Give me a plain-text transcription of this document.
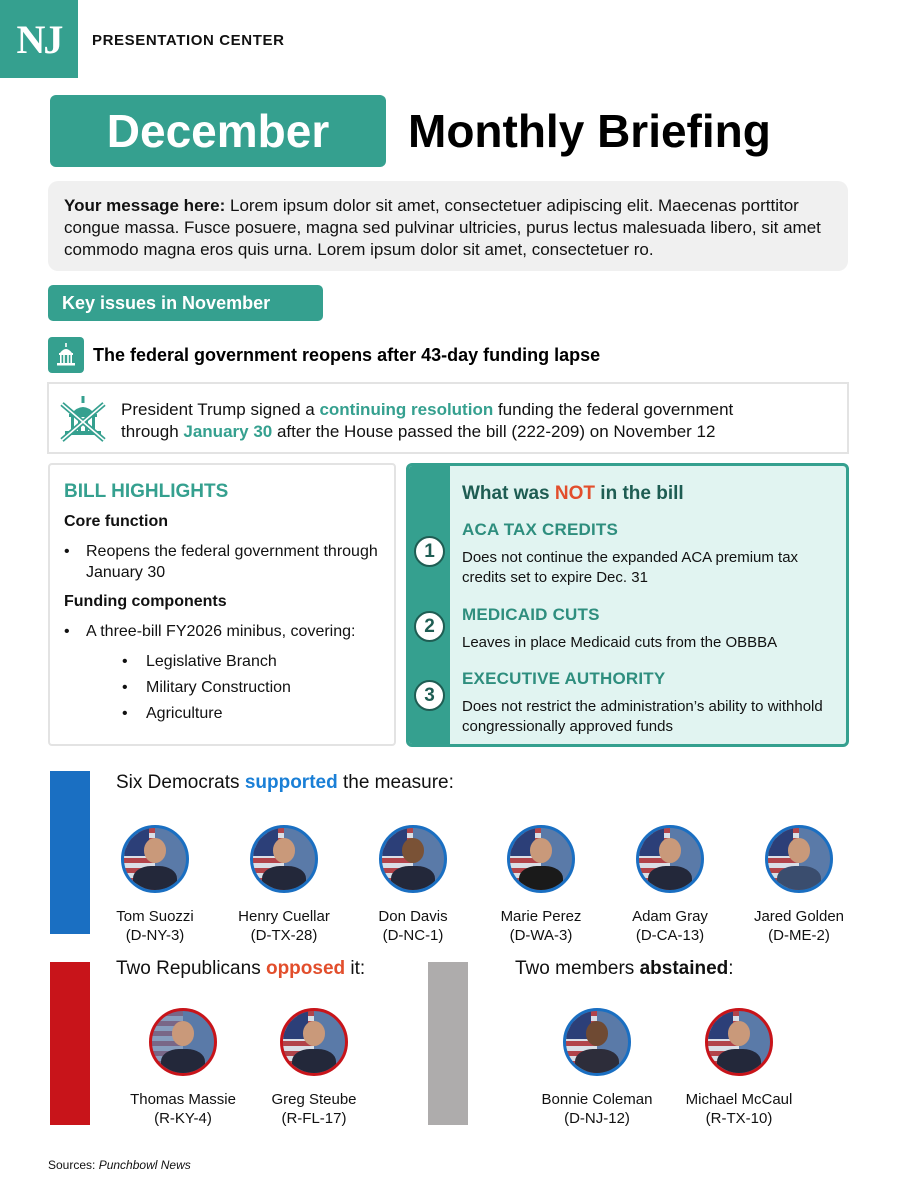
NJ	PRESENTATION CENTER
December	Monthly Briefing
Your message here: Lorem ipsum dolor sit amet, consectetuer adipiscing elit. Maecenas porttitor congue massa. Fusce posuere, magna sed pulvinar ultricies, purus lectus malesuada libero, sit amet commodo magna eros quis urna. Lorem ipsum dolor sit amet, consectetuer ro.
Key issues in November
The federal government reopens after 43-day funding lapse
President Trump signed a continuing resolution funding the federal government
through January 30 after the House passed the bill (222-209) on November 12
BILL HIGHLIGHTS
Core function
•	Reopens the federal government through January 30
Funding components
•	A three-bill FY2026 minibus, covering:
•	Legislative Branch
•	Military Construction
•	Agriculture
What was NOT in the bill
1
ACA TAX CREDITS
Does not continue the expanded ACA premium tax credits set to expire Dec. 31
2
MEDICAID CUTS
Leaves in place Medicaid cuts from the OBBBA
3
EXECUTIVE AUTHORITY
Does not restrict the administration’s ability to withhold congressionally approved funds
Six Democrats supported the measure:
Tom Suozzi
(D-NY-3)
Henry Cuellar
(D-TX-28)
Don Davis
(D-NC-1)
Marie Perez
(D-WA-3)
Adam Gray
(D-CA-13)
Jared Golden
(D-ME-2)
Two Republicans opposed it:
Thomas Massie
(R-KY-4)
Greg Steube
(R-FL-17)
Two members abstained:
Bonnie Coleman
(D-NJ-12)
Michael McCaul
(R-TX-10)
Sources: Punchbowl News
